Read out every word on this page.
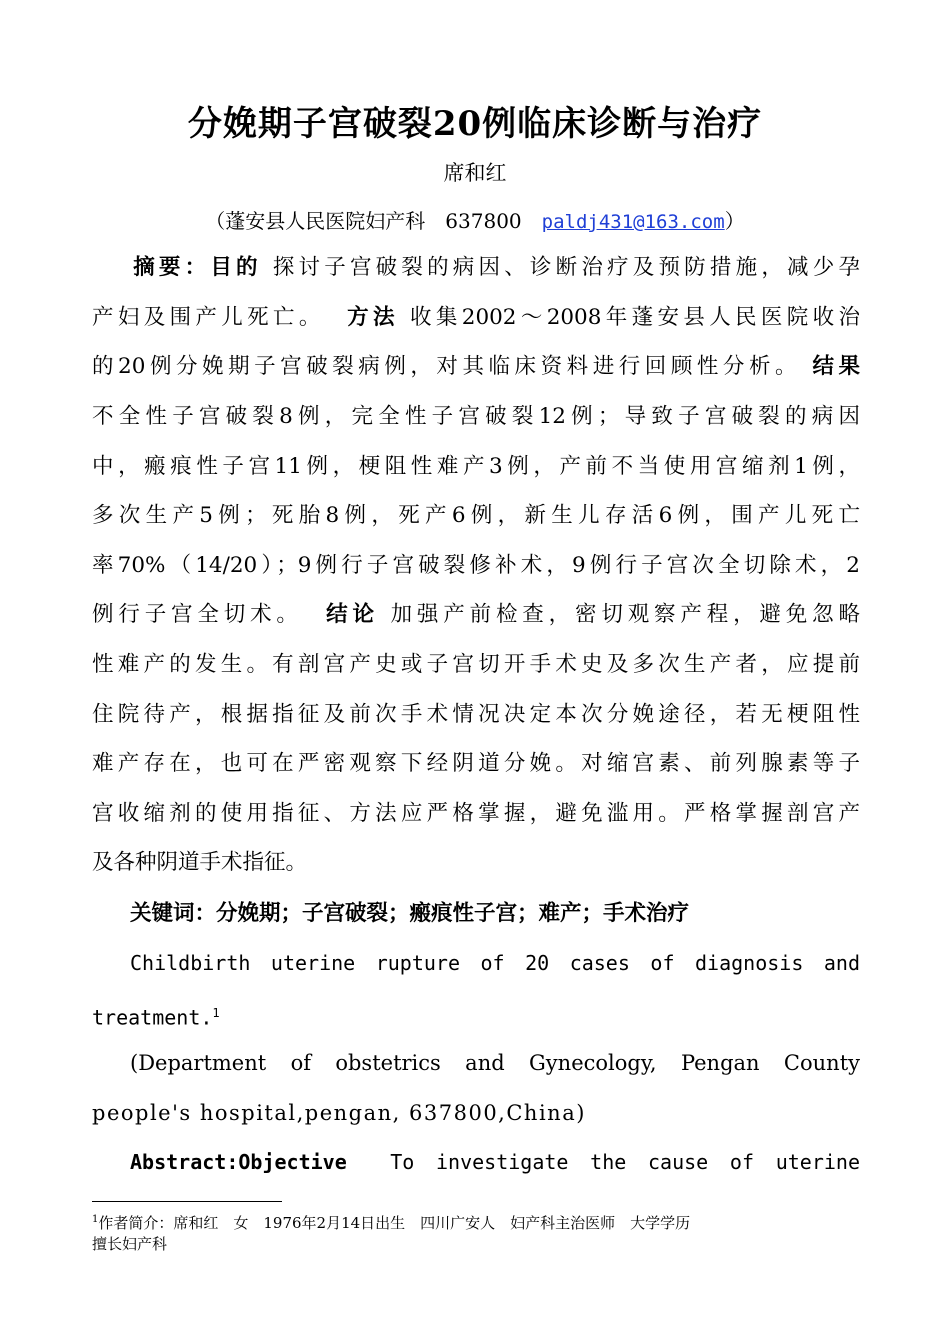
分娩期子宫破裂20例临床诊断与治疗
席和红
（蓬安县人民医院妇产科　637800　paldj431@163.com）
摘要：目的 探讨子宫破裂的病因、诊断治疗及预防措施，减少孕
产妇及围产儿死亡。 方法 收集2002～2008年蓬安县人民医院收治
的20例分娩期子宫破裂病例，对其临床资料进行回顾性分析。 结果
不全性子宫破裂8例，完全性子宫破裂12例；导致子宫破裂的病因
中，瘢痕性子宫11例，梗阻性难产3例，产前不当使用宫缩剂1例，
多次生产5例；死胎8例，死产6例，新生儿存活6例，围产儿死亡
率70%（14/20）；9例行子宫破裂修补术，9例行子宫次全切除术，2
例行子宫全切术。 结论 加强产前检查，密切观察产程，避免忽略
性难产的发生。有剖宫产史或子宫切开手术史及多次生产者，应提前
住院待产，根据指征及前次手术情况决定本次分娩途径，若无梗阻性
难产存在，也可在严密观察下经阴道分娩。对缩宫素、前列腺素等子
宫收缩剂的使用指征、方法应严格掌握，避免滥用。严格掌握剖宫产
及各种阴道手术指征。
关键词：分娩期；子宫破裂；瘢痕性子宫；难产；手术治疗
Childbirth uterine rupture of 20 cases of diagnosis and
treatment.$^1$
(Department of obstetrics and Gynecology, Pengan County
people's hospital,pengan, 637800,China)
Abstract:Objective To investigate the cause of uterine
$^1$作者简介：席和红　女　1976年2月14日出生　四川广安人　妇产科主治医师　大学学历
擅长妇产科
